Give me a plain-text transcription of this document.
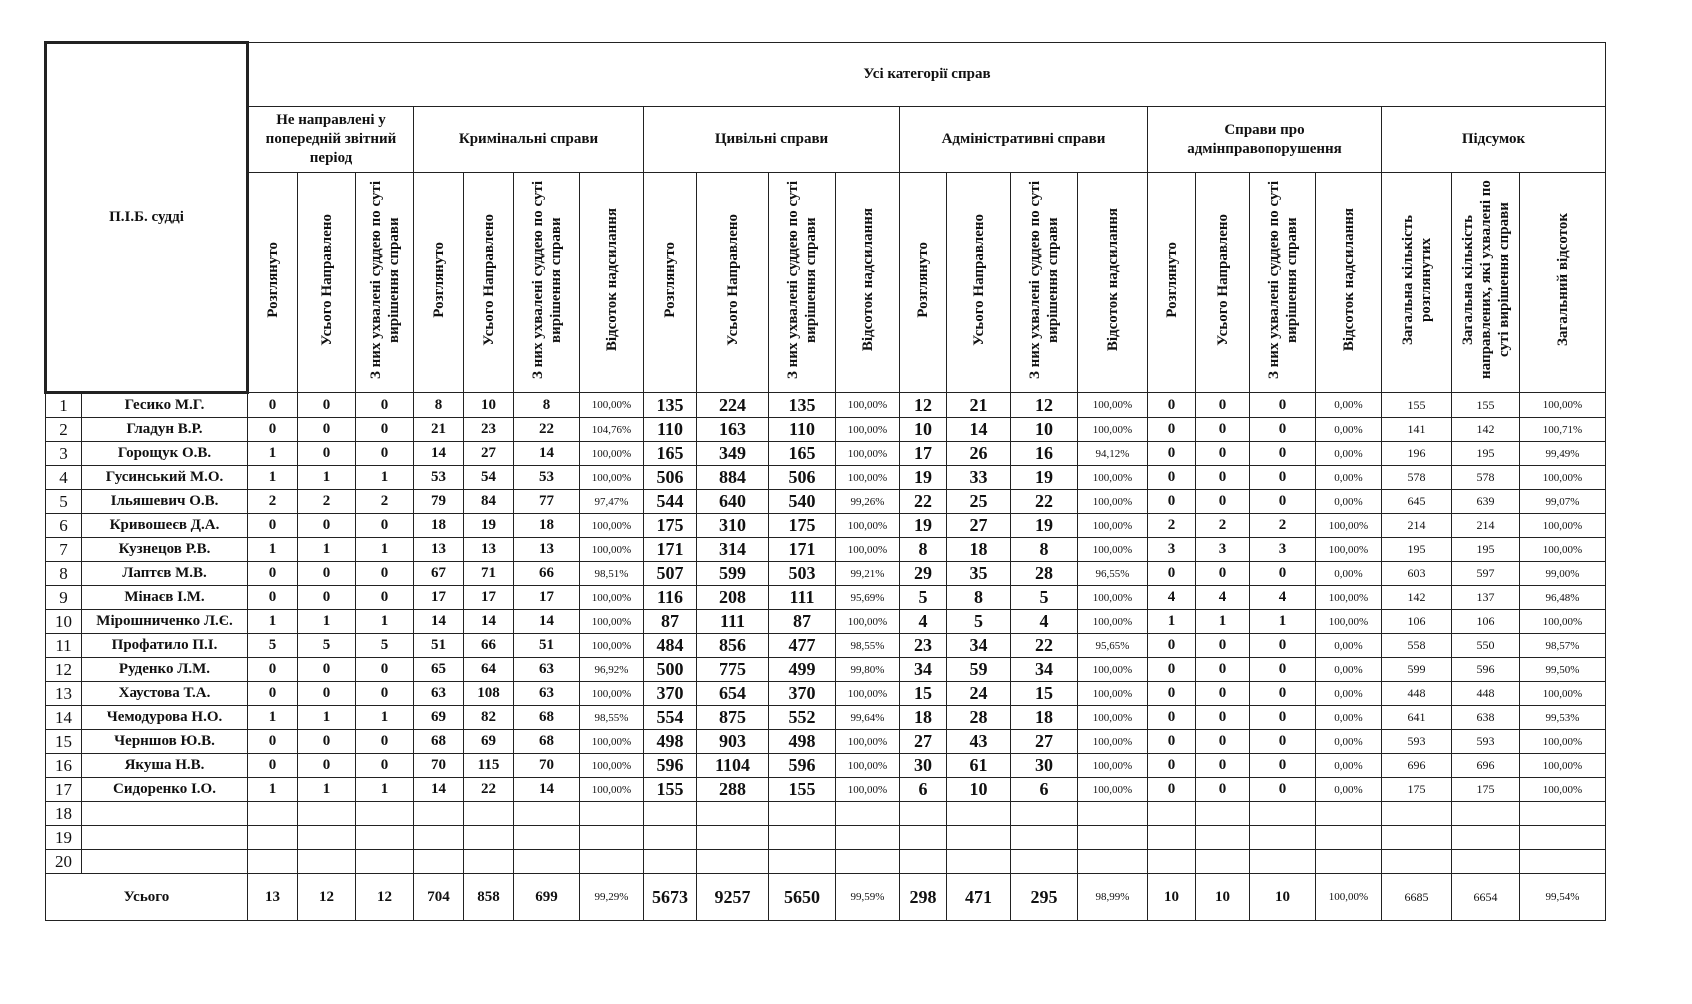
П.І.Б. судді		Усі категорії справ																					
		Не направлені у попередній звітний період			Кримінальні справи				Цивільні справи				Адміністративні справи				Справи про адмінправопорушення				Підсумок		
		Розглянуто	Усього Направлено	З них ухвалені суддею по суті вирішення справи	Розглянуто	Усього Направлено	З них ухвалені суддею по суті вирішення справи	Відсоток надсилання	Розглянуто	Усього Направлено	З них ухвалені суддею по суті вирішення справи	Відсоток надсилання	Розглянуто	Усього Направлено	З них ухвалені суддею по суті вирішення справи	Відсоток надсилання	Розглянуто	Усього Направлено	З них ухвалені суддею по суті вирішення справи	Відсоток надсилання	Загальна кількість розглянутих	Загальна кількість направлених, які ухвалені по суті вирішення справи	Загальний відсоток
1	Гесико М.Г.	0	0	0	8	10	8	100,00%	135	224	135	100,00%	12	21	12	100,00%	0	0	0	0,00%	155	155	100,00%
2	Гладун В.Р.	0	0	0	21	23	22	104,76%	110	163	110	100,00%	10	14	10	100,00%	0	0	0	0,00%	141	142	100,71%
3	Горощук О.В.	1	0	0	14	27	14	100,00%	165	349	165	100,00%	17	26	16	94,12%	0	0	0	0,00%	196	195	99,49%
4	Гусинський М.О.	1	1	1	53	54	53	100,00%	506	884	506	100,00%	19	33	19	100,00%	0	0	0	0,00%	578	578	100,00%
5	Ільяшевич О.В.	2	2	2	79	84	77	97,47%	544	640	540	99,26%	22	25	22	100,00%	0	0	0	0,00%	645	639	99,07%
6	Кривошеєв Д.А.	0	0	0	18	19	18	100,00%	175	310	175	100,00%	19	27	19	100,00%	2	2	2	100,00%	214	214	100,00%
7	Кузнецов Р.В.	1	1	1	13	13	13	100,00%	171	314	171	100,00%	8	18	8	100,00%	3	3	3	100,00%	195	195	100,00%
8	Лаптєв М.В.	0	0	0	67	71	66	98,51%	507	599	503	99,21%	29	35	28	96,55%	0	0	0	0,00%	603	597	99,00%
9	Мінаєв І.М.	0	0	0	17	17	17	100,00%	116	208	111	95,69%	5	8	5	100,00%	4	4	4	100,00%	142	137	96,48%
10	Мірошниченко Л.Є.	1	1	1	14	14	14	100,00%	87	111	87	100,00%	4	5	4	100,00%	1	1	1	100,00%	106	106	100,00%
11	Профатило П.І.	5	5	5	51	66	51	100,00%	484	856	477	98,55%	23	34	22	95,65%	0	0	0	0,00%	558	550	98,57%
12	Руденко Л.М.	0	0	0	65	64	63	96,92%	500	775	499	99,80%	34	59	34	100,00%	0	0	0	0,00%	599	596	99,50%
13	Хаустова Т.А.	0	0	0	63	108	63	100,00%	370	654	370	100,00%	15	24	15	100,00%	0	0	0	0,00%	448	448	100,00%
14	Чемодурова Н.О.	1	1	1	69	82	68	98,55%	554	875	552	99,64%	18	28	18	100,00%	0	0	0	0,00%	641	638	99,53%
15	Черншов Ю.В.	0	0	0	68	69	68	100,00%	498	903	498	100,00%	27	43	27	100,00%	0	0	0	0,00%	593	593	100,00%
16	Якуша Н.В.	0	0	0	70	115	70	100,00%	596	1104	596	100,00%	30	61	30	100,00%	0	0	0	0,00%	696	696	100,00%
17	Сидоренко І.О.	1	1	1	14	22	14	100,00%	155	288	155	100,00%	6	10	6	100,00%	0	0	0	0,00%	175	175	100,00%
18																							
19																							
20																							
Усього		13	12	12	704	858	699	99,29%	5673	9257	5650	99,59%	298	471	295	98,99%	10	10	10	100,00%	6685	6654	99,54%
